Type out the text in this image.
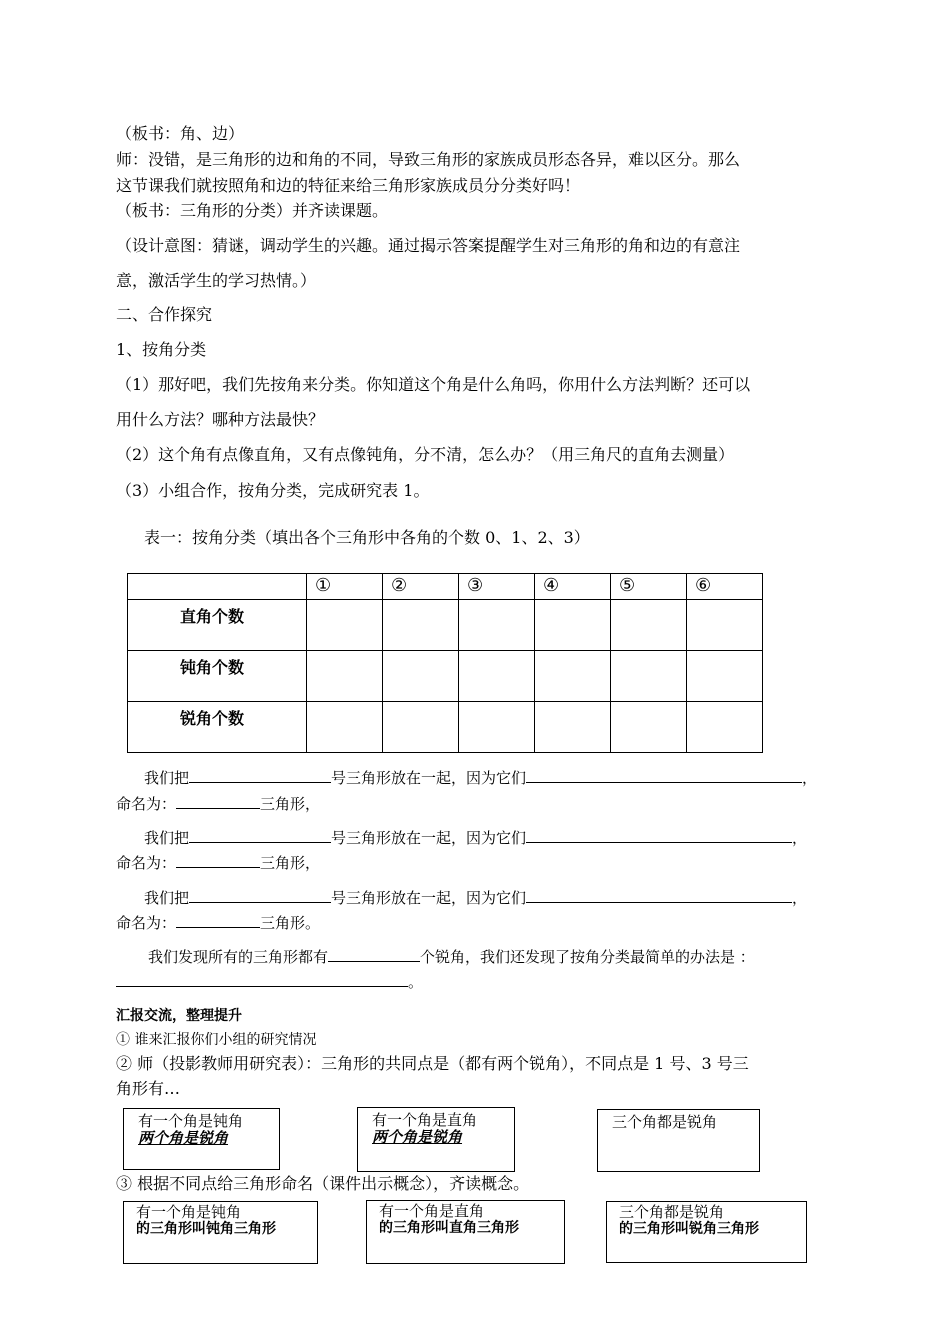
（板书：角、边）
师：没错，是三角形的边和角的不同，导致三角形的家族成员形态各异，难以区分。那么
这节课我们就按照角和边的特征来给三角形家族成员分分类好吗！
（板书：三角形的分类）并齐读课题。
（设计意图：猜谜，调动学生的兴趣。通过揭示答案提醒学生对三角形的角和边的有意注
意，激活学生的学习热情。）
二、合作探究
1、按角分类
（1）那好吧，我们先按角来分类。你知道这个角是什么角吗，你用什么方法判断？还可以
用什么方法？哪种方法最快？
（2）这个角有点像直角，又有点像钝角，分不清，怎么办？（用三角尺的直角去测量）
（3）小组合作，按角分类，完成研究表 1。
表一：按角分类（填出各个三角形中各角的个数 0、1、2、3）
	①	②	③	④	⑤	⑥
直角个数						
钝角个数						
锐角个数						
我们把	号三角形放在一起，因为它们	，
命名为：	三角形，
我们把	号三角形放在一起，因为它们	，
命名为：	三角形，
我们把	号三角形放在一起，因为它们	，
命名为：	三角形。
我们发现所有的三角形都有	个锐角，我们还发现了按角分类最简单的办法是 ：
。
汇报交流，整理提升
① 谁来汇报你们小组的研究情况
② 师（投影教师用研究表）：三角形的共同点是（都有两个锐角），不同点是 1 号、3 号三
角形有…
有一个角是钝角
两个角是锐角
有一个角是直角
两个角是锐角
三个角都是锐角
③ 根据不同点给三角形命名（课件出示概念），齐读概念。
有一个角是钝角
的三角形叫钝角三角形
有一个角是直角
的三角形叫直角三角形
三个角都是锐角
的三角形叫锐角三角形
